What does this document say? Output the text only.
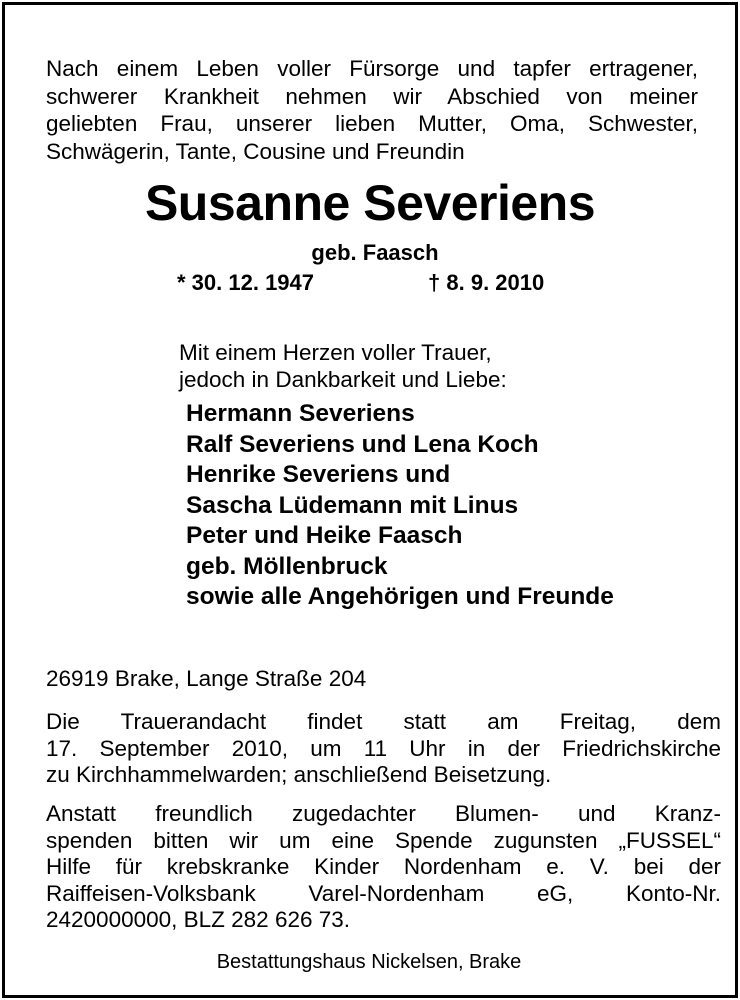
Nach einem Leben voller Fürsorge und tapfer ertragener,
schwerer Krankheit nehmen wir Abschied von meiner
geliebten Frau, unserer lieben Mutter, Oma, Schwester,
Schwägerin, Tante, Cousine und Freundin
Susanne Severiens
geb. Faasch
* 30. 12. 1947	† 8. 9. 2010
Mit einem Herzen voller Trauer,
jedoch in Dankbarkeit und Liebe:
Hermann Severiens
Ralf Severiens und Lena Koch
Henrike Severiens und
Sascha Lüdemann mit Linus
Peter und Heike Faasch
geb. Möllenbruck
sowie alle Angehörigen und Freunde
26919 Brake, Lange Straße 204
Die Trauerandacht findet statt am Freitag, dem
17. September 2010, um 11 Uhr in der Friedrichskirche
zu Kirchhammelwarden; anschließend Beisetzung.
Anstatt freundlich zugedachter Blumen- und Kranz-
spenden bitten wir um eine Spende zugunsten „FUSSEL“
Hilfe für krebskranke Kinder Nordenham e. V. bei der
Raiffeisen-Volksbank Varel-Nordenham eG, Konto-Nr.
2420000000, BLZ 282 626 73.
Bestattungshaus Nickelsen, Brake
